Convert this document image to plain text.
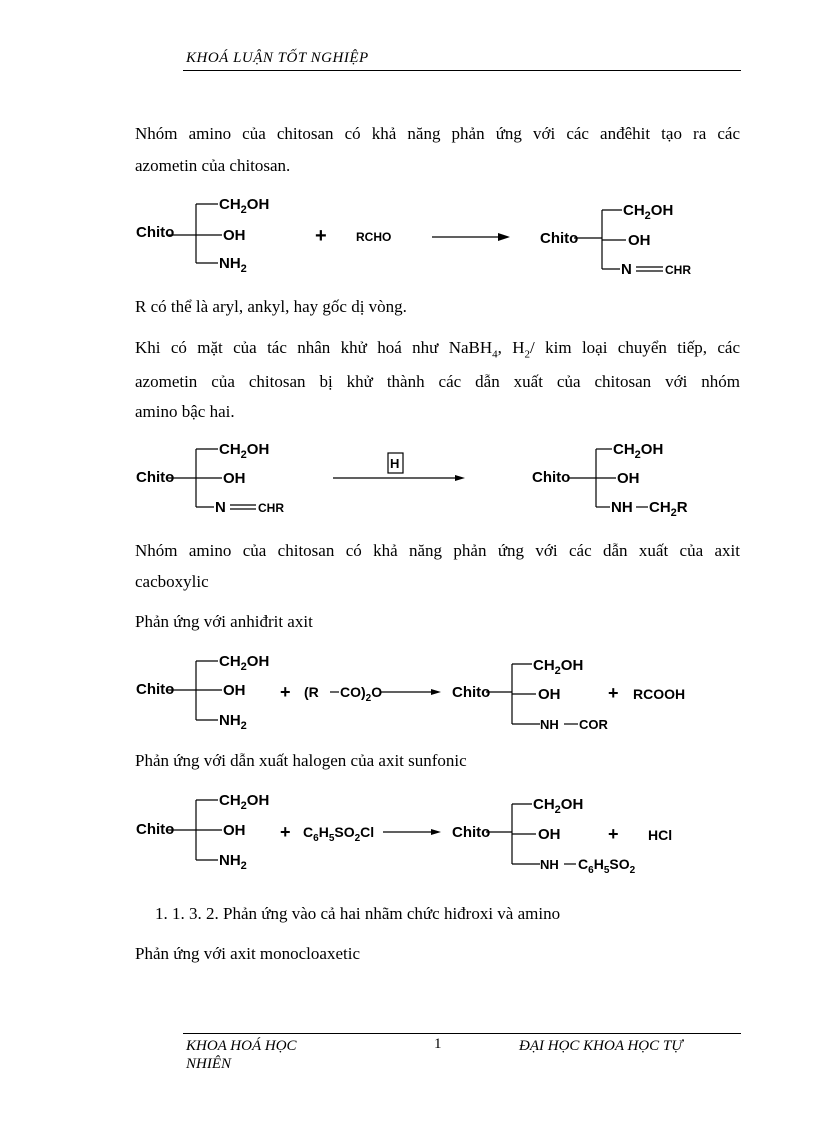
KHOÁ LUẬN TỐT NGHIỆP
Nhóm amino của chitosan có khả năng phản ứng với các anđêhit tạo ra các
azometin của chitosan.
Chito
$CH_2OH$
OH
$NH_2$
+ RCHO	Chito
$CH_2OH$
OH
N	CHR
R có thể là aryl, ankyl, hay gốc dị vòng.
Khi có mặt của tác nhân khử hoá như NaBH$_4$, $H_2/$ kim loại chuyển tiếp, các
azometin của chitosan bị khử thành các dẫn xuất của chitosan với nhóm
amino bậc hai.
Chito
$CH_2OH$
OH
N	CHR
H
Chito
$CH_2OH$
OH
NH $CH_2R$
Nhóm amino của chitosan có khả năng phản ứng với các dẫn xuất của axit
cacboxylic
Phản ứng với anhiđrit axit
Chito
$CH_2OH$
OH
$NH_2$
+ (R $CO)_2O$	Chito
$CH_2OH$
OH
NH COR
+ RCOOH
Phản ứng với dẫn xuất halogen của axit sunfonic
Chito
$CH_2OH$
OH
$NH_2$
+ $C_6H_5SO_2Cl$	Chito
$CH_2OH$
OH
NH $C_6H_5SO_2$
+ HCl
1. 1. 3. 2. Phản ứng vào cả hai nhãm chức hiđroxi và amino
Phản ứng với axit monocloaxetic
KHOA HOÁ HỌC
NHIÊN
1	ĐẠI HỌC KHOA HỌC TỰ
